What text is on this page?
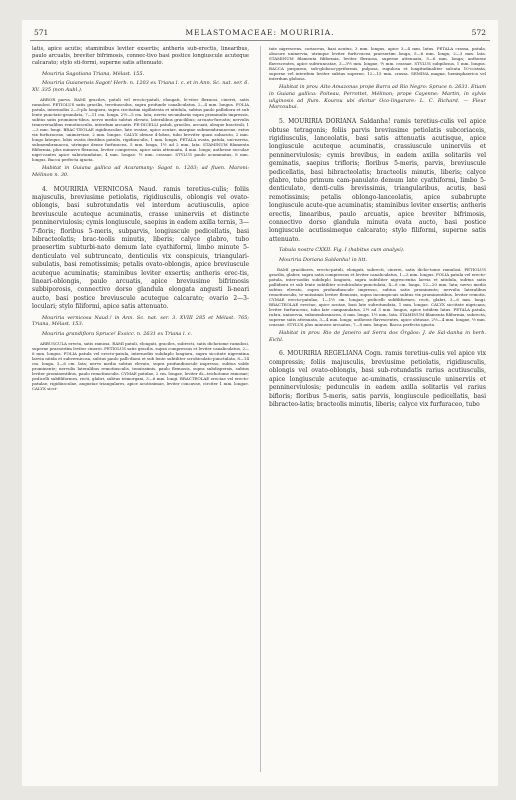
571	MELASTOMACEAE: MOURIRIA.	572

latis, apice acutis; staminibus leviter exsertis; antheris sub-erectis, linearibus, paulo arcuatis, breviter bifrimosis, connec-tivo basi postice longiuscule acuteque calcarato; stylo sti-formi, superne satis attenuato.

Mouriria Sagotiana Triana, Mélast. 155.

Mouriria Guianensis Sagot! Herb. n. 1203 ex Triana l. c. et in Ann. Sc. nat. ser. 6. XV. 335 (non Aubl.).

ARBOR parva. RAMI graciles, patuli vel erecto-patuli, elongati, le-viter flexuosi, cinerei, satis ramulosi. PETIOLUS satis gracilis, teretiusculus, supra profunde canaliculatus, 2—4 mm. longus. FOLIA patula, internodiis 2—5-plo longiora, supra circitatim sigillatesta et nitidula, subtus paulo pallidiora et sub lente punctato-granulata, 7—11 cm. longa, 2½—5 cm. lata; nervis secundariis supra prominulis impressis, subtus satis prominen-tibus, nervo medio subtus elevato, lateralibus gracilibus; arcuato-furcatis; nervulis transversalibus remotiusculis, interdum arcuatis. PE-DICELLI patuli, graciles, arcuati, absque bracteoli, 1—3 mm. longi. BRAC-TEOLAE rigidiusculae, late ovatae, apice acutae, margine submembranaceae, extus vix furfuraceae, unimerviae, 2 mm. longae. CALYX obtuse 4-lobus, tubo breviter quasi subacuto, 2 mm. longo lateque, lobis ovatis dentibus patulis, rigidiusculis, 1 mm. longis. PETALA ovata, patula, uni-nervia, submembranacea, utrinque dense furfuracea, 5 mm. longa, 1½ ad 2 mm. lata. STAMINUM filamenta filiformia, plus minusve flexuosa, leviter compressa, apice satis attenuata, 4 mm. longa; antherae sicculae nigri-cantes apice subrotundatae, 4 mm. longae, ½ mm. crassae. STYLUS paulo acuminatus, 8 mm. longus. Bacca perfecta ignota.

Habitat in Guiana gallica ad Acaramany: Sagot n. 1203; ad fluen. Maroni: Mélinon n. 30.

4. MOURIRIA VERNICOSA Naud. ramis teretius-culis; foliis majusculis, breviusime petiolatis, rigidiusculis, oblongis vel ovato-oblongis, basi subrotundatis vel interdum acutiusculis, apice breviuscule acuteque acuminatis, crasse uninerviis et distincte penninerviulosis; cymis longiuscule, saepius in eadem axilla ternis, 3—7-floris; floribus 5-meris, subparvis, longiuscule pedicellatis, basi bibracteolatis; brac-teolis minutis, liberis; calyce glabro, tubo praesertim subturbi-nato demum late cyathiformi, limbo minute 5-denticulato vel subtruncato, denticulis vix conspicuis, triangulari-subulatis, basi remotissimis; petalis ovato-oblongis, apice breviuscule acuteque acuminatis; staminibus leviter exsertis; antheris erec-tis, lineari-oblongis, paulo arcuatis, apice breviusime bifrimosis subbiporosis, connectivo dorso glandula elongata angusti li-neari aucto, basi postice breviuscule acuteque calcarato; ovario 2—3-loculari; stylo filiformi, apice satis attenuato.

Mouriria vernicosa Naud.! in Ann. Sc. nat. ser. 3. XVIII 285 et Mélast. 765; Triana, Mélast. 153.

Mouriria grandiflora Spruce! Exsicc. n. 2631 ex Triana l. c.

ARBUSCULA erecta, satis ramosa. RAMI patuli, elongati, graciles, subrecti, satis dichotome ramulosi, superne praesertim leviter cinerei. PETIOLUS satis gracilis, supra compressus et leviter canaliculatus, 2—6 mm. longus. FOLIA patula vel erecto-patula, internodiis subduplo longiora, supra siccitate nigrentina laevia nitida et subvernicosa, subtus paulo palli-diora et sub lente subtiliter scrobiculato-punctulata, 8—14 cm. longa, 3—6 cm. lata; nervo medio subtus elevato, supra profundiuscule impresso, subtus valde prominente; nervulis lateralibus remotiusculis, tenuissimis, paulo flexuosis, supra subdispersis, subtus leviter prominentibus, paulo remotiusculis. CYMAE patulae, 2 cm. longae, leviter di—trichotome ramosae; pedicelli subfiliformes, recti, glabri, subtus trimorgani, 3—6 mm. longi. BRACTEOLAE erectae vel erecto-patulae, rigidiusculae, angustae triangulares, apice acutissimae, leviter concavae, circiter 1 mm. longae. CALYX sicci-

tate nigrescens, coriaceus, basi acutus, 3 mm. longus, apice 3—4 mm. latus. PETALA crassa, patula, obscure uninervia, utrinque leviter furfu-racea praesertim longa, 5—6 mm. longa, 2—3 mm. lata. STAMINUM filamenta filiformia, leviter flexuosa, superne attenuata, 5—6 mm. longa; antherae flavescentes, apice subtruncatae, 3—3½ mm. longae, ½ mm. crassae. STYLUS subpilosus, 1 mm. longus. BACCA purpurea, sub-globoso-pyriformis, pulposa, rugulosa et longitudinaliter sulcata 10-costata, superne vel interdum leviter subtus superne, 12—15 mm. crassa. SEMINA magna, hemisphaerica vel interdum globosa.

Habitat in prov. Alto Amazonas prope Barra ad Rio Negro: Spruce n. 2631. Etiam in Guiana gallica: Poiteau, Perrottet, Mélinon; prope Cayenne: Martin, in sylvis uliginosis ad flum. Kourou ubi dicitur Oco-lingarare: L. C. Richard. — Fleur Marcoubui.

5. MOURIRIA DORIANA Saldanha! ramis teretius-culis vel apice obtuse tetragonis; foliis parvis breviusime petiolatis subcoriaceis, rigidiusculis, lanceolatis, basi satis attenuatis acutisque, apice longiuscule acuteque acuminatis, crassiuscule uninerviis et penninerviulosis; cymis brevibus, in eadem axilla solitariis vel geminatis, saepius trifloris; floribus 5-meris, parvis, breviuscule pedicellatis, basi bibracteolatis; bracteolis minutis, liberis; calyce glabro, tubo primum cam-panulato demum late cyathiformi, limbo 5-denticulato, denti-culis brevissimis, triangularibus, acutis, basi remotissimis; petalis oblongo-lanceolatis, apice subabrupte longiuscule acute-que acuminatis; staminibus leviter exsertis; antheris erectis, linearibus, paulo arcuatis, apice breviter bifrimosis, connectivo dorso glandula minuta ovata aucto, basi postice longiuscule acutissimeque calcarato; stylo filiformi, superne satis attenuato.

Tabula nostra CXXII. Fig. I (habitus cum analysi).

Mouriria Doriana Saldanha! in litt.

RAMI graciliores, erecto-patuli, elongati, subrecti, cinerei, satis dicho-tome ramulosi. PETIOLUS gracilis, glaber, supra satis compressus et leviter canaliculatus, 1—3 mm. longus. FOLIA patula vel erecto-patula, inter-nodiis subduplo longiora, supra subtiliter nigrescentia laevia et nitidula, subtus satis pallidiora et sub lente subtiliter scrobiculato-punctulata, 4—8 cm. longa, 12—20 mm. lata; nervo medio subtus elevato, supra profundiuscule impresso, subtus satis prominente; nervulis lateralibus remotiusculis, te-nuissimis leviter flexuosis, supra inconspicuis subtus vix prominentibus, leviter remotis. CYMAE erecto-patulae, 1—1½ cm. longae; pedicelli subfiliformes, recti, glabri, 3—6 mm. longi. BRACTEOLAE erectae, apice acutae, basi late subrotundata, 1 mm. longae. CALYX siccitate nigricans, leviter furfuraceus, tubo late campanulatus, 2½ ad 3 mm. longus, apice totidem latus. PETALA patula, rubra, uninervia, submembranacea, 6 mm. longa, 1½ mm. lata. STAMINUM filamenta filiformia, subrecta, superne satis attenuata, 3—4 mm. longa; antherae flavescentes, apice obtusae, 2½—4 mm. longae, ½ mm. crassae. STYLUS plus minusve arcuatus, 7—8 mm. longus. Bacca perfecta ignota.

Habitat in prov. Rio de Janeiro ad Serra dos Órgãos: J. de Sal-danha in herb. Eichl.

6. MOURIRIA REGELIANA Cogn. ramis teretius-culis vel apice vix compressis; foliis majusculis, breviusime petiolatis, rigidiusculis, oblongis vel ovato-oblongis, basi sub-rotundatis rarius acutiusculis, apice longiuscule acuteque ac-uminatis, crassiuscule uninerviis et penninerviulosis; pedunculis in eadem axilla solitariis vel rarius bifloris; floribus 5-meris, satis parvis, longiuscule pedicellatis, basi bibracteo-latis; bracteolis minutis, liberis; calyce vix furfuraceo, tubo
